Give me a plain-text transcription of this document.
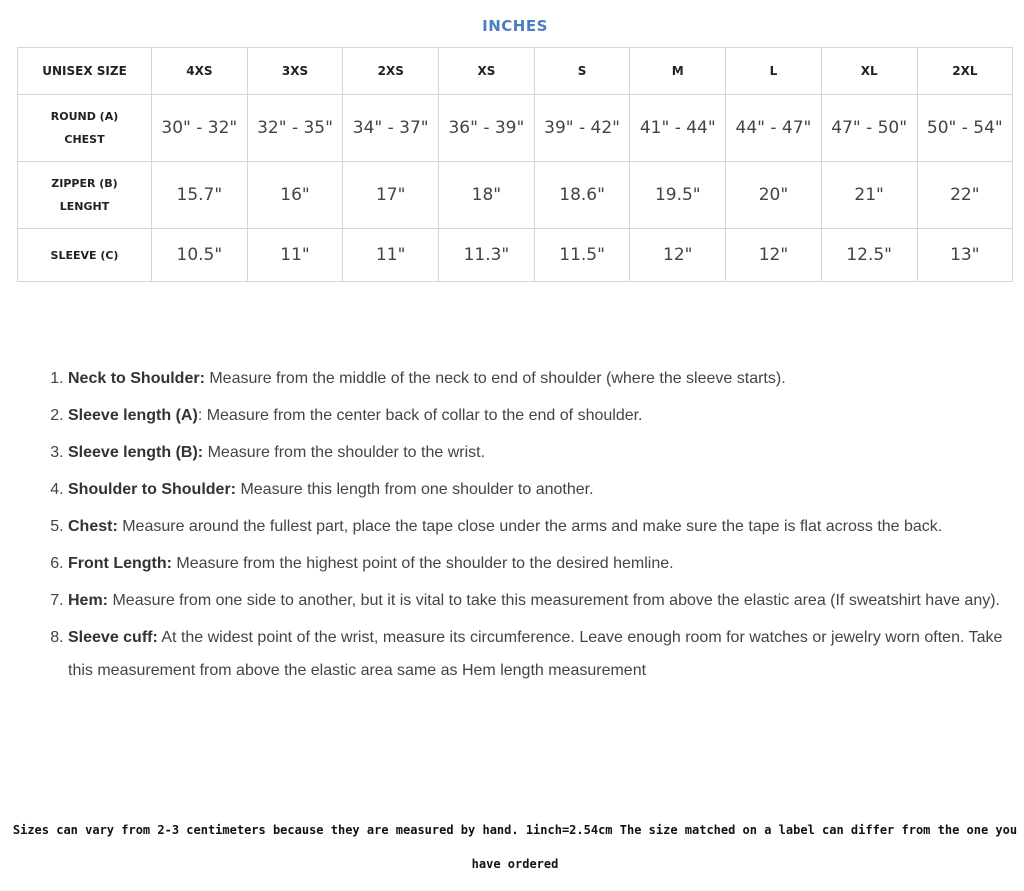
INCHES
UNISEX SIZE	4XS	3XS	2XS	XS	S	M	L	XL	2XL

ROUND (A)
CHEST	30" - 32"	32" - 35"	34" - 37"	36" - 39"	39" - 42"	41" - 44"	44" - 47"	47" - 50"	50" - 54"

ZIPPER (B)
LENGHT	15.7"	16"	17"	18"	18.6"	19.5"	20"	21"	22"
SLEEVE (C)	10.5"	11"	11"	11.3"	11.5"	12"	12"	12.5"	13"
1. Neck to Shoulder: Measure from the middle of the neck to end of shoulder (where the sleeve starts).
2. Sleeve length (A): Measure from the center back of collar to the end of shoulder.
3. Sleeve length (B): Measure from the shoulder to the wrist.
4. Shoulder to Shoulder: Measure this length from one shoulder to another.
5. Chest: Measure around the fullest part, place the tape close under the arms and make sure the tape is flat across the back.
6. Front Length: Measure from the highest point of the shoulder to the desired hemline.
7. Hem: Measure from one side to another, but it is vital to take this measurement from above the elastic area (If sweatshirt have any).
8. Sleeve cuff: At the widest point of the wrist, measure its circumference. Leave enough room for watches or jewelry worn often. Take this measurement from above the elastic area same as Hem length measurement
Sizes can vary from 2-3 centimeters because they are measured by hand. 1inch=2.54cm The size matched on a label can differ from the one you have ordered
